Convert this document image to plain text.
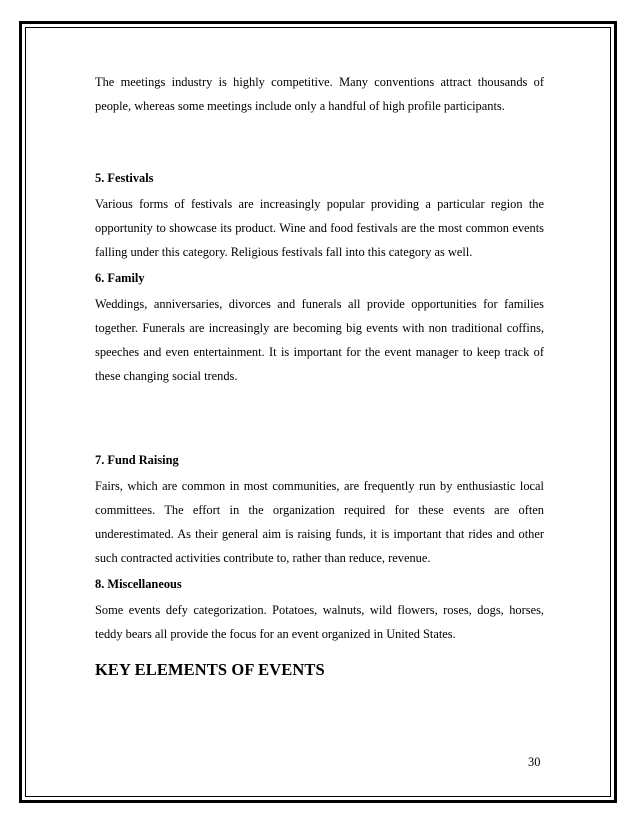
The meetings industry is highly competitive. Many conventions attract thousands of people, whereas some meetings include only a handful of high profile participants.

5. Festivals

Various forms of festivals are increasingly popular providing a particular region the opportunity to showcase its product. Wine and food festivals are the most common events falling under this category. Religious festivals fall into this category as well.

6. Family

Weddings, anniversaries, divorces and funerals all provide opportunities for families together. Funerals are increasingly are becoming big events with non traditional coffins, speeches and even entertainment. It is important for the event manager to keep track of these changing social trends.

7. Fund Raising

Fairs, which are common in most communities, are frequently run by enthusiastic local committees. The effort in the organization required for these events are often underestimated. As their general aim is raising funds, it is important that rides and other such contracted activities contribute to, rather than reduce, revenue.

8. Miscellaneous

Some events defy categorization. Potatoes, walnuts, wild flowers, roses, dogs, horses, teddy bears all provide the focus for an event organized in United States.

KEY ELEMENTS OF EVENTS
30
